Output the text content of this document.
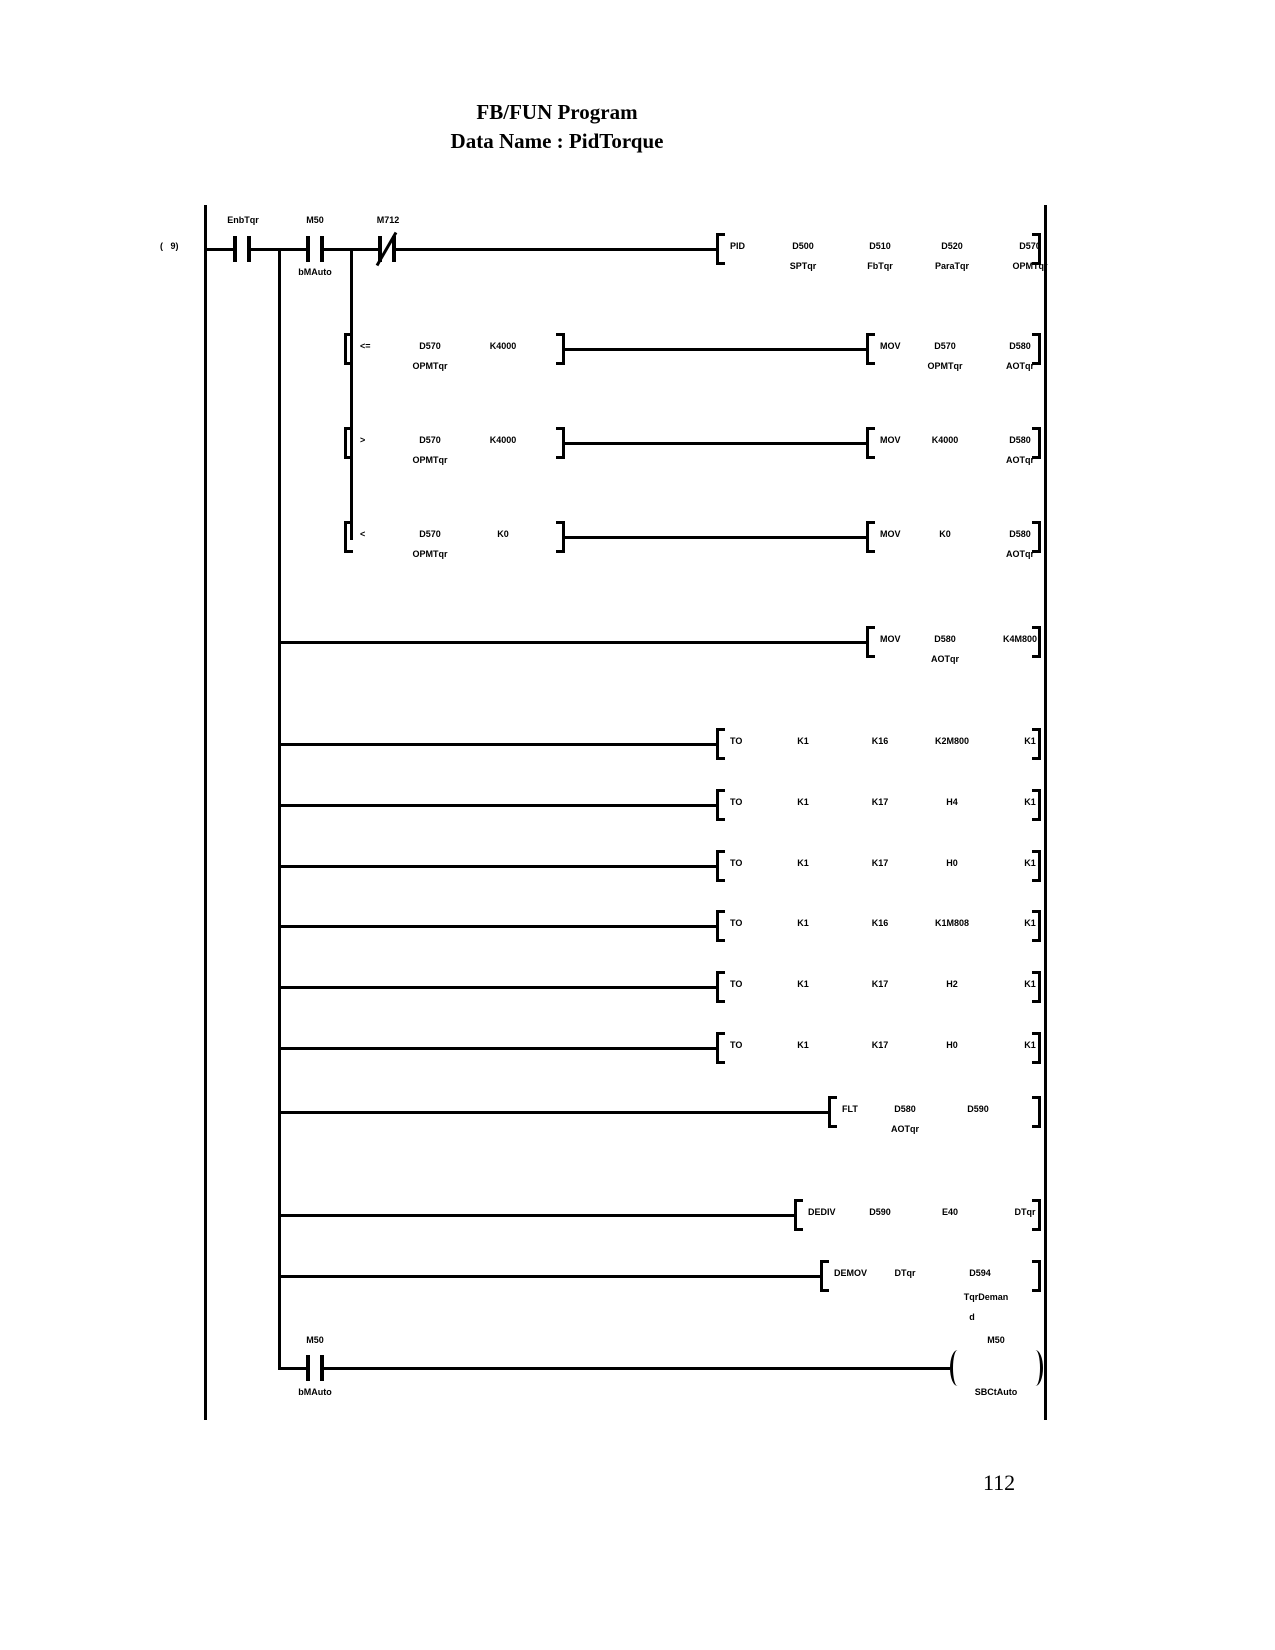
FB/FUN Program
Data Name : PidTorque
(   9)
EnbTqr	M50
bMAuto
M712
PID	D500	D510	D520	D570
SPTqr	FbTqr	ParaTqr	OPMTqr
<=	D570
OPMTqr
K4000	MOV	D570
OPMTqr
D580
AOTqr
>	D570
OPMTqr
K4000	MOV	K4000	D580
AOTqr
<	D570
OPMTqr
K0	MOV	K0	D580
AOTqr
MOV	D580
AOTqr
K4M800
TO	K1	K16	K2M800	K1
TO	K1	K17	H4	K1
TO	K1	K17	H0	K1
TO	K1	K16	K1M808	K1
TO	K1	K17	H2	K1
TO	K1	K17	H0	K1
FLT	D580
AOTqr
D590
DEDIV	D590	E40	DTqr
DEMOV	DTqr	D594
TqrDeman
d
M50
bMAuto
M50
SBCtAuto
112
